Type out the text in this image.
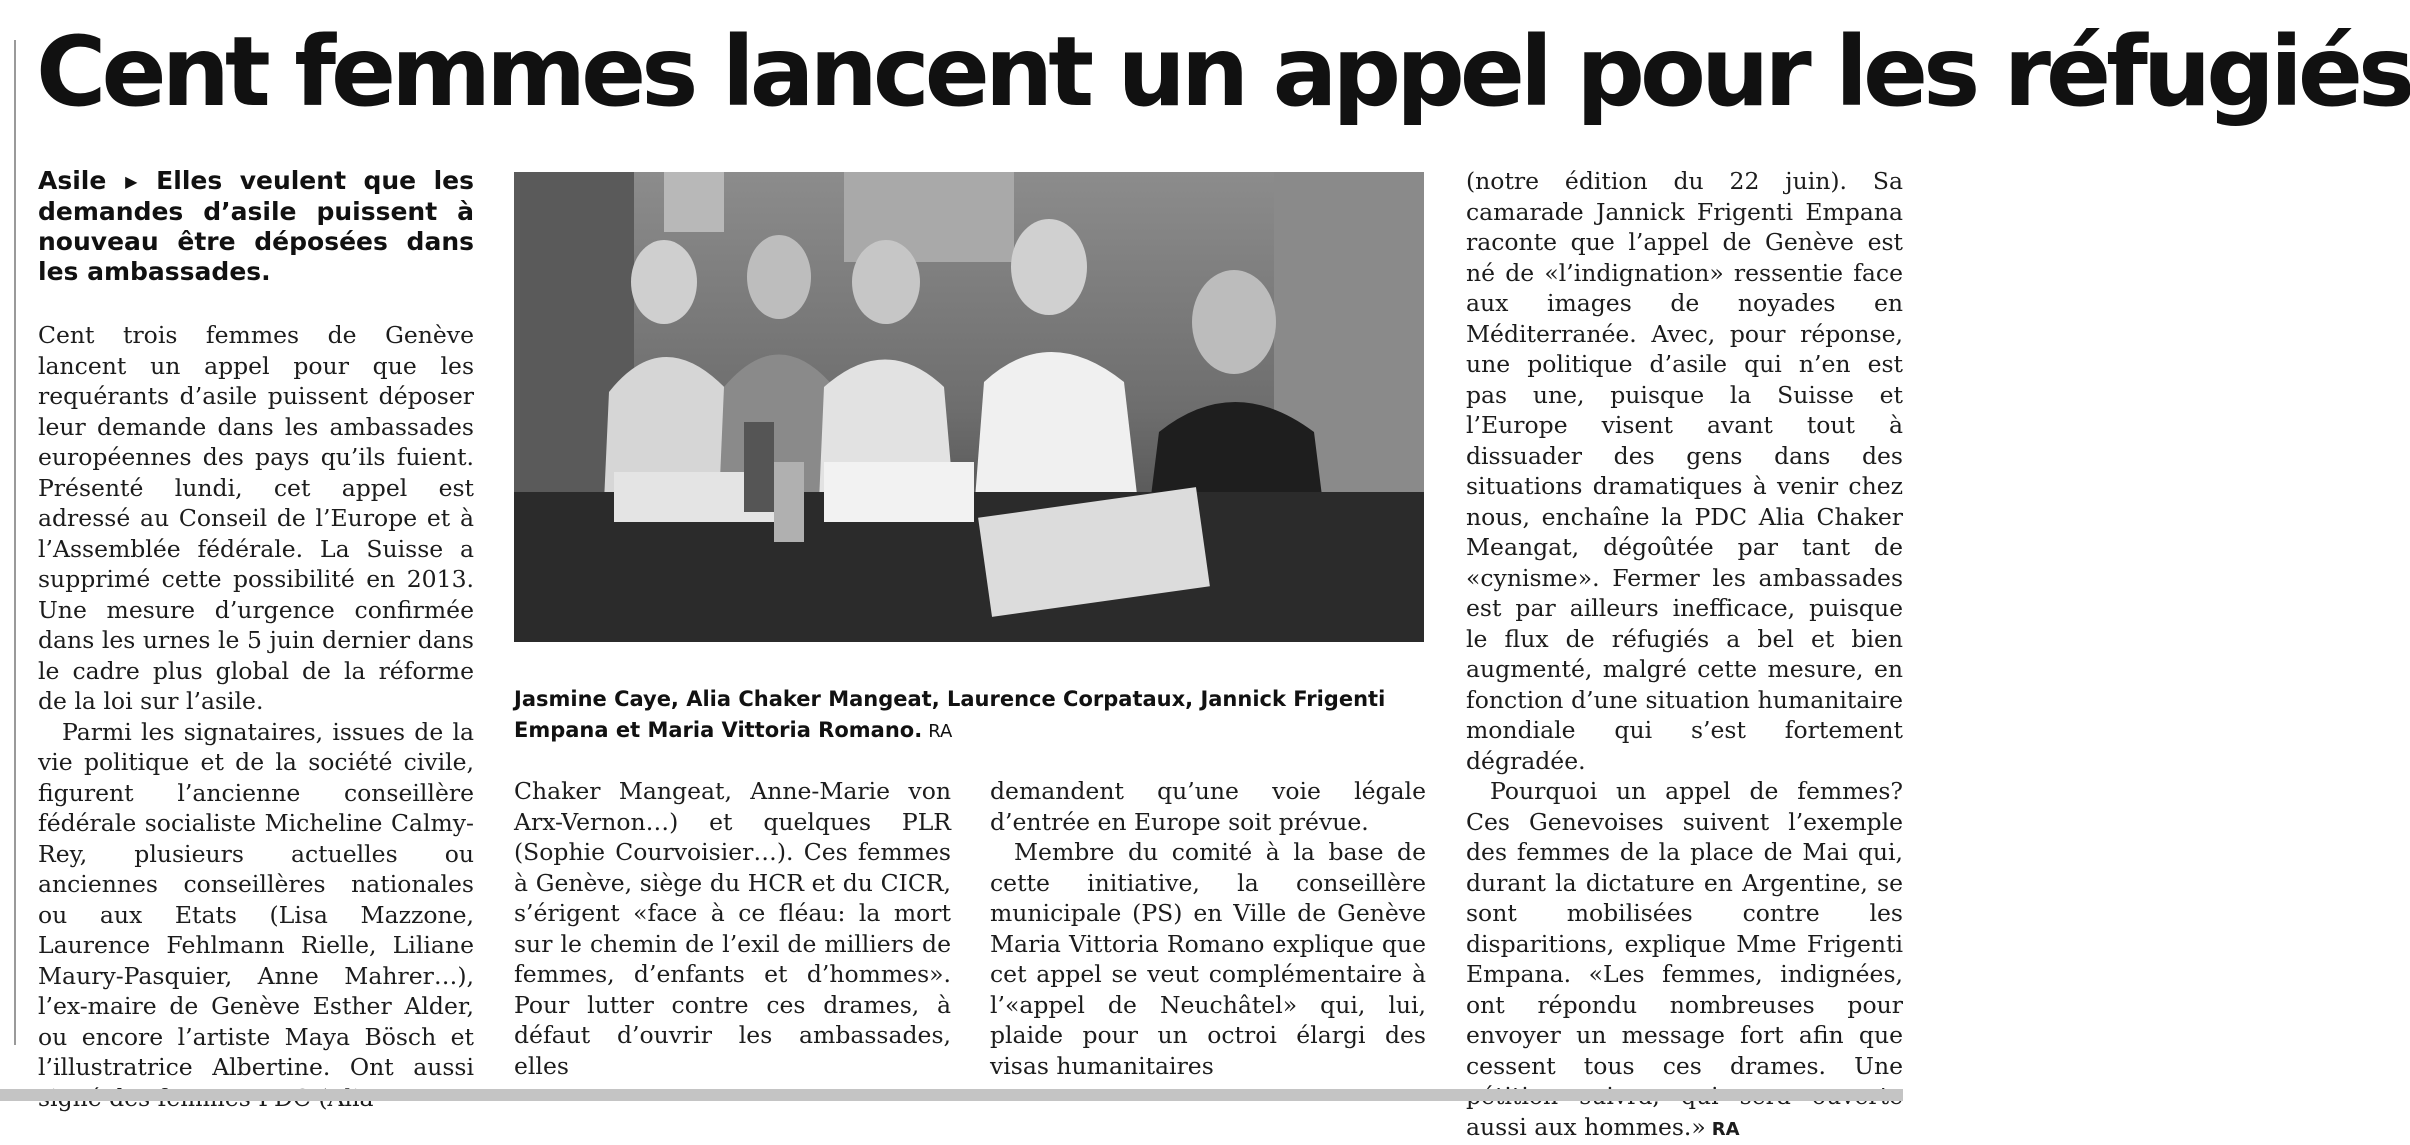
Cent femmes lancent un appel pour les réfugiés
Asile ▶ Elles veulent que les demandes d’asile puissent à nouveau être déposées dans les ambassades.

Cent trois femmes de Genève lancent un appel pour que les requérants d’asile puissent déposer leur demande dans les ambassades européennes des pays qu’ils fuient. Présenté lundi, cet appel est adressé au Conseil de l’Europe et à l’Assemblée fédérale. La Suisse a supprimé cette possibilité en 2013. Une mesure d’urgence confirmée dans les urnes le 5 juin dernier dans le cadre plus global de la réforme de la loi sur l’asile.

Parmi les signataires, issues de la vie politique et de la société civile, figurent l’ancienne conseillère fédérale socialiste Micheline Calmy-Rey, plusieurs actuelles ou anciennes conseillères nationales ou aux Etats (Lisa Mazzone, Laurence Fehlmann Rielle, Liliane Maury-Pasquier, Anne Mahrer…), l’ex-maire de Genève Esther Alder, ou encore l’artiste Maya Bösch et l’illustratrice Albertine. Ont aussi

Jasmine Caye, Alia Chaker Mangeat, Laurence Corpataux, Jannick Frigenti Empana et Maria Vittoria Romano. RA

Chaker Mangeat, Anne-Marie von Arx-Vernon…) et quelques PLR (Sophie Courvoisier…). Ces femmes à Genève, siège du HCR et du CICR, s’érigent «face à ce fléau: la mort sur le chemin de l’exil de milliers de femmes, d’enfants et d’hommes». Pour lutter contre ces drames, à défaut d’ouvrir les ambassades, elles

demandent qu’une voie légale d’entrée en Europe soit prévue.

Membre du comité à la base de cette initiative, la conseillère municipale (PS) en Ville de Genève Maria Vittoria Romano explique que cet appel se veut complémentaire à l’«appel de Neuchâtel» qui, lui, plaide pour un octroi élargi des visas humanitaires

(notre édition du 22 juin). Sa camarade Jannick Frigenti Empana raconte que l’appel de Genève est né de «l’indignation» ressentie face aux images de noyades en Méditerranée. Avec, pour réponse, une politique d’asile qui n’en est pas une, puisque la Suisse et l’Europe visent avant tout à dissuader des gens dans des situations dramatiques à venir chez nous, enchaîne la PDC Alia Chaker Meangat, dégoûtée par tant de «cynisme». Fermer les ambassades est par ailleurs inefficace, puisque le flux de réfugiés a bel et bien augmenté, malgré cette mesure, en fonction d’une situation humanitaire mondiale qui s’est fortement dégradée.

Pourquoi un appel de femmes? Ces Genevoises suivent l’exemple des femmes de la place de Mai qui, durant la dictature en Argentine, se sont mobilisées contre les disparitions, explique Mme Frigenti Empana. «Les femmes, indignées, ont répondu nombreuses pour envoyer un message fort afin que cessent tous ces drames. Une aussi aux hommes.» RA
